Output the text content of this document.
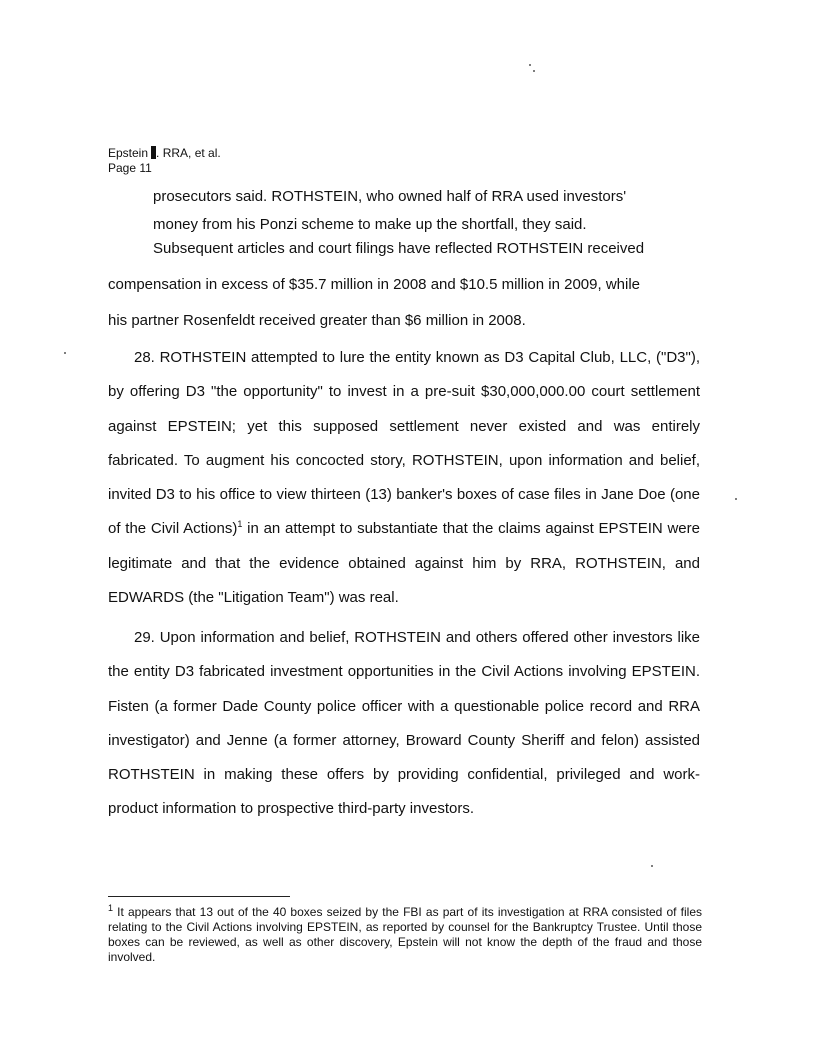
Epstein . RRA, et al.
Page 11
prosecutors said. ROTHSTEIN, who owned half of RRA used investors'
money from his Ponzi scheme to make up the shortfall, they said.
Subsequent articles and court filings have reflected ROTHSTEIN received
compensation in excess of $35.7 million in 2008 and $10.5 million in 2009, while
his partner Rosenfeldt received greater than $6 million in 2008.

28. ROTHSTEIN attempted to lure the entity known as D3 Capital Club, LLC, ("D3"), by offering D3 "the opportunity" to invest in a pre-suit $30,000,000.00 court settlement against EPSTEIN; yet this supposed settlement never existed and was entirely fabricated. To augment his concocted story, ROTHSTEIN, upon information and belief, invited D3 to his office to view thirteen (13) banker's boxes of case files in Jane Doe (one of the Civil Actions)$^1$ in an attempt to substantiate that the claims against EPSTEIN were legitimate and that the evidence obtained against him by RRA, ROTHSTEIN, and EDWARDS (the "Litigation Team") was real.

29. Upon information and belief, ROTHSTEIN and others offered other investors like the entity D3 fabricated investment opportunities in the Civil Actions involving EPSTEIN. Fisten (a former Dade County police officer with a questionable police record and RRA investigator) and Jenne (a former attorney, Broward County Sheriff and felon) assisted ROTHSTEIN in making these offers by providing confidential, privileged and work-product information to prospective third-party investors.

$^1$ It appears that 13 out of the 40 boxes seized by the FBI as part of its investigation at RRA consisted of files relating to the Civil Actions involving EPSTEIN, as reported by counsel for the Bankruptcy Trustee. Until those boxes can be reviewed, as well as other discovery, Epstein will not know the depth of the fraud and those involved.
